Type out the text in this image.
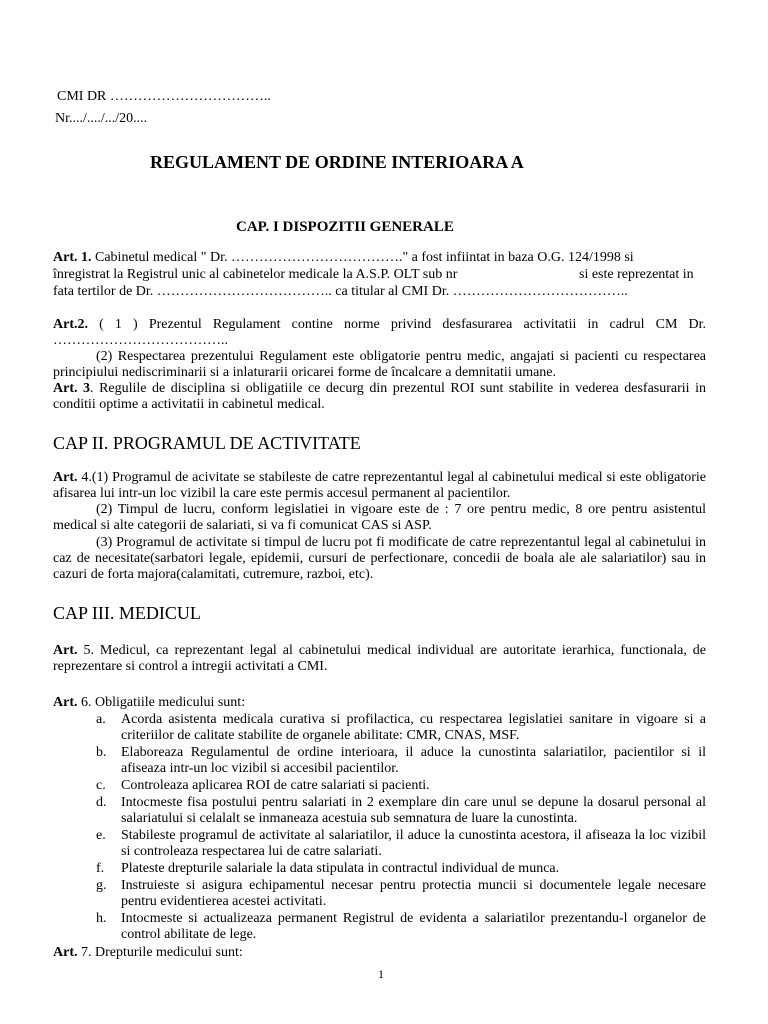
CMI DR ……………………………..
Nr..../..../.../20....
REGULAMENT DE ORDINE INTERIOARA A
CAP. I DISPOZITII GENERALE
Art. 1. Cabinetul medical " Dr. ………………………………." a fost infiintat in baza O.G. 124/1998 si
înregistrat la Registrul unic al cabinetelor medicale la A.S.P. OLT sub nr	si este reprezentat in
fata tertilor de Dr. ……………………………….. ca titular al CMI Dr. ………………………………..

Art.2. ( 1 ) Prezentul Regulament contine norme privind desfasurarea activitatii in cadrul CM Dr. ………………………………..

(2) Respectarea prezentului Regulament este obligatorie pentru medic, angajati si pacienti cu respectarea principiului nediscriminarii si a inlaturarii oricarei forme de încalcare a demnitatii umane.

Art. 3. Regulile de disciplina si obligatiile ce decurg din prezentul ROI sunt stabilite in vederea desfasurarii in conditii optime a activitatii in cabinetul medical.

CAP II. PROGRAMUL DE ACTIVITATE

Art. 4.(1) Programul de acivitate se stabileste de catre reprezentantul legal al cabinetului medical si este obligatorie afisarea lui intr-un loc vizibil la care este permis accesul permanent al pacientilor.

(2) Timpul de lucru, conform legislatiei in vigoare este de : 7 ore pentru medic, 8 ore pentru asistentul medical si alte categorii de salariati, si va fi comunicat CAS si ASP.

(3) Programul de activitate si timpul de lucru pot fi modificate de catre reprezentantul legal al cabinetului in caz de necesitate(sarbatori legale, epidemii, cursuri de perfectionare, concedii de boala ale ale salariatilor) sau in cazuri de forta majora(calamitati, cutremure, razboi, etc).

CAP III. MEDICUL

Art. 5. Medicul, ca reprezentant legal al cabinetului medical individual are autoritate ierarhica, functionala, de reprezentare si control a intregii activitati a CMI.

Art. 6. Obligatiile medicului sunt:
a.	Acorda asistenta medicala curativa si profilactica, cu respectarea legislatiei sanitare in vigoare si a criteriilor de calitate stabilite de organele abilitate: CMR, CNAS, MSF.

b.	Elaboreaza Regulamentul de ordine interioara, il aduce la cunostinta salariatilor, pacientilor si il afiseaza intr-un loc vizibil si accesibil pacientilor.

c.	Controleaza aplicarea ROI de catre salariati si pacienti.

d.	Intocmeste fisa postului pentru salariati in 2 exemplare din care unul se depune la dosarul personal al salariatului si celalalt se inmaneaza acestuia sub semnatura de luare la cunostinta.

e.	Stabileste programul de activitate al salariatilor, il aduce la cunostinta acestora, il afiseaza la loc vizibil si controleaza respectarea lui de catre salariati.

f.	Plateste drepturile salariale la data stipulata in contractul individual de munca.

g.	Instruieste si asigura echipamentul necesar pentru protectia muncii si documentele legale necesare pentru evidentierea acestei activitati.

h.	Intocmeste si actualizeaza permanent Registrul de evidenta a salariatilor prezentandu-l organelor de control abilitate de lege.

Art. 7. Drepturile medicului sunt:
1
